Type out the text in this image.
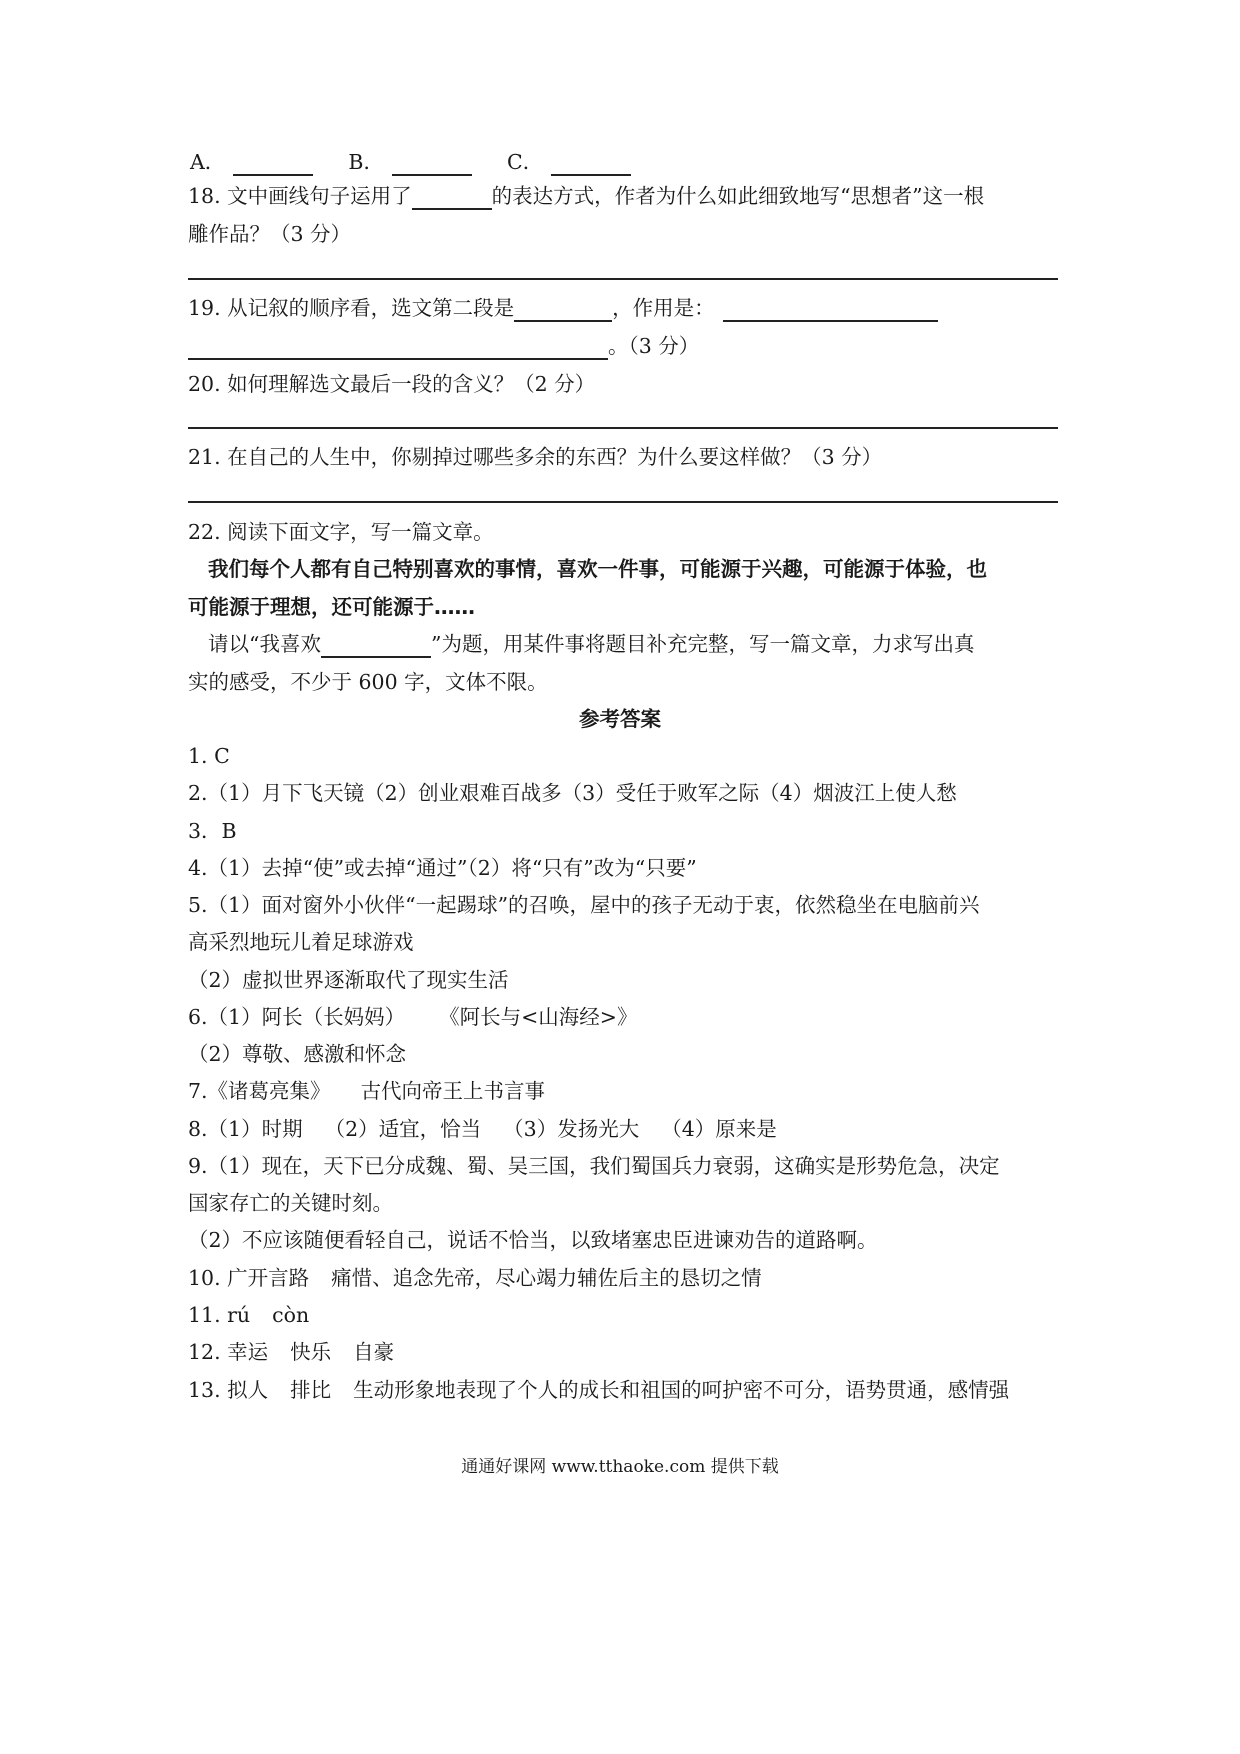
A．	B．	C．
18. 文中画线句子运用了	的表达方式，作者为什么如此细致地写“思想者”这一根
雕作品？（3 分）
19. 从记叙的顺序看，选文第二段是	，作用是：
。（3 分）
20. 如何理解选文最后一段的含义？（2 分）
21. 在自己的人生中，你剔掉过哪些多余的东西？为什么要这样做？（3 分）
22. 阅读下面文字，写一篇文章。
我们每个人都有自己特别喜欢的事情，喜欢一件事，可能源于兴趣，可能源于体验，也
可能源于理想，还可能源于……
请以“我喜欢	”为题，用某件事将题目补充完整，写一篇文章，力求写出真
实的感受，不少于 600 字，文体不限。
参考答案
1. C
2.（1）月下飞天镜（2）创业艰难百战多（3）受任于败军之际（4）烟波江上使人愁
3．B
4.（1）去掉“使”或去掉“通过”（2）将“只有”改为“只要”
5.（1）面对窗外小伙伴“一起踢球”的召唤，屋中的孩子无动于衷，依然稳坐在电脑前兴
高采烈地玩儿着足球游戏
（2）虚拟世界逐渐取代了现实生活
6.（1）阿长（长妈妈） 《阿长与<山海经>》
（2）尊敬、感激和怀念
7.《诸葛亮集》 古代向帝王上书言事
8.（1）时期 （2）适宜，恰当 （3）发扬光大 （4）原来是
9.（1）现在，天下已分成魏、蜀、吴三国，我们蜀国兵力衰弱，这确实是形势危急，决定
国家存亡的关键时刻。
（2）不应该随便看轻自己，说话不恰当，以致堵塞忠臣进谏劝告的道路啊。
10. 广开言路 痛惜、追念先帝，尽心竭力辅佐后主的恳切之情
11. rú còn
12. 幸运 快乐 自豪
13. 拟人 排比 生动形象地表现了个人的成长和祖国的呵护密不可分，语势贯通，感情强
通通好课网 www.tthaoke.com 提供下载
